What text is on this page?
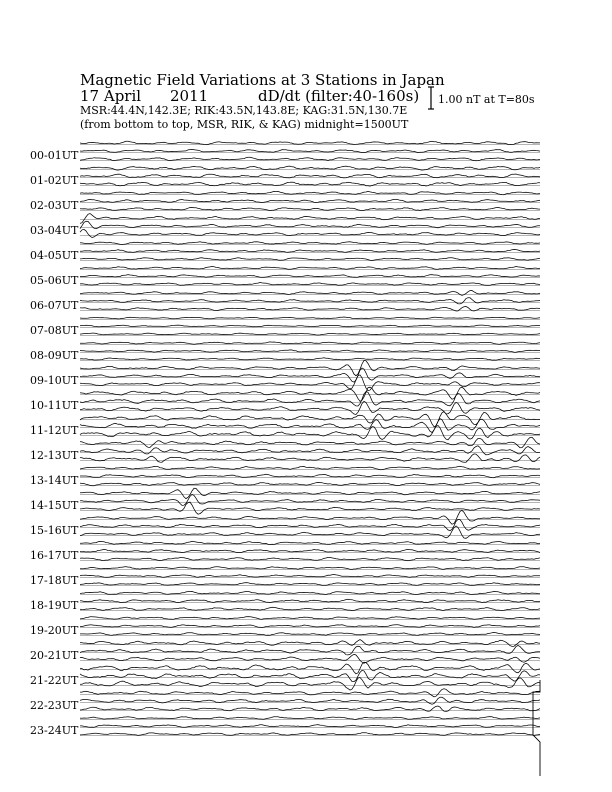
Magnetic Field Variations at 3 Stations in Japan
17 April 2011	dD/dt (filter:40-160s)
MSR:44.4N,142.3E; RIK:43.5N,143.8E; KAG:31.5N,130.7E
(from bottom to top, MSR, RIK, & KAG) midnight=1500UT
1.00 nT at T=80s
00-01UT
01-02UT
02-03UT
03-04UT
04-05UT
05-06UT
06-07UT
07-08UT
08-09UT
09-10UT
10-11UT
11-12UT
12-13UT
13-14UT
14-15UT
15-16UT
16-17UT
17-18UT
18-19UT
19-20UT
20-21UT
21-22UT
22-23UT
23-24UT
